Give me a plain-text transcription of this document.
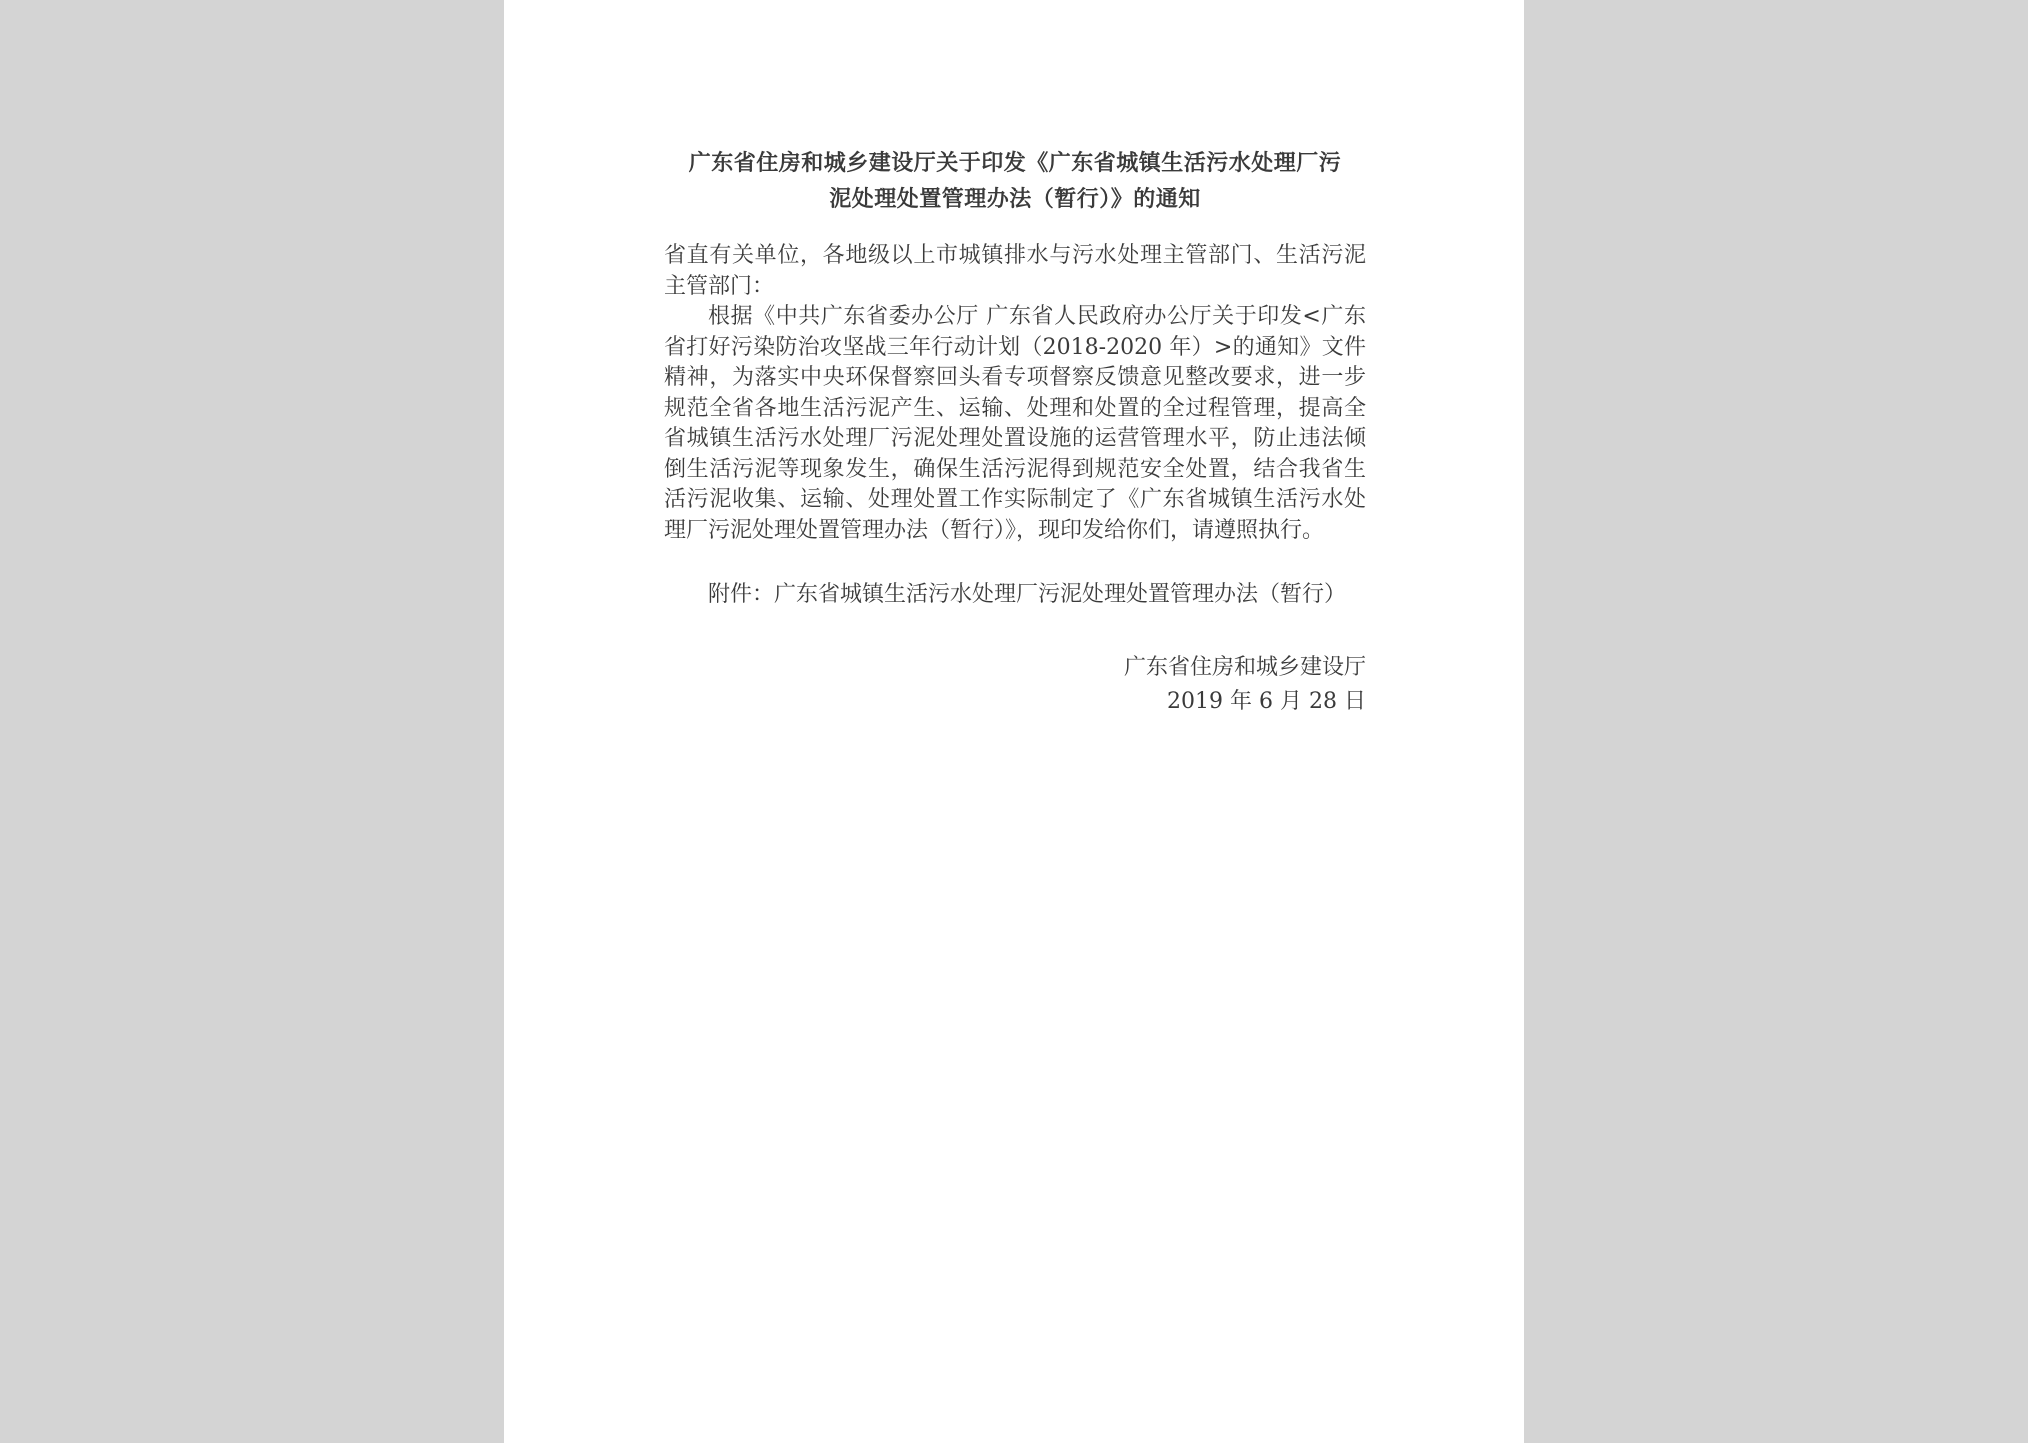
广东省住房和城乡建设厅关于印发《广东省城镇生活污水处理厂污
泥处理处置管理办法（暂行）》的通知

省直有关单位，各地级以上市城镇排水与污水处理主管部门、生活污泥主管部门：

根据《中共广东省委办公厅 广东省人民政府办公厅关于印发<广东省打好污染防治攻坚战三年行动计划（2018-2020 年）>的通知》文件精神，为落实中央环保督察回头看专项督察反馈意见整改要求，进一步规范全省各地生活污泥产生、运输、处理和处置的全过程管理，提高全省城镇生活污水处理厂污泥处理处置设施的运营管理水平，防止违法倾倒生活污泥等现象发生，确保生活污泥得到规范安全处置，结合我省生活污泥收集、运输、处理处置工作实际制定了《广东省城镇生活污水处理厂污泥处理处置管理办法（暂行）》，现印发给你们，请遵照执行。

附件：广东省城镇生活污水处理厂污泥处理处置管理办法（暂行）

广东省住房和城乡建设厅
2019 年 6 月 28 日
